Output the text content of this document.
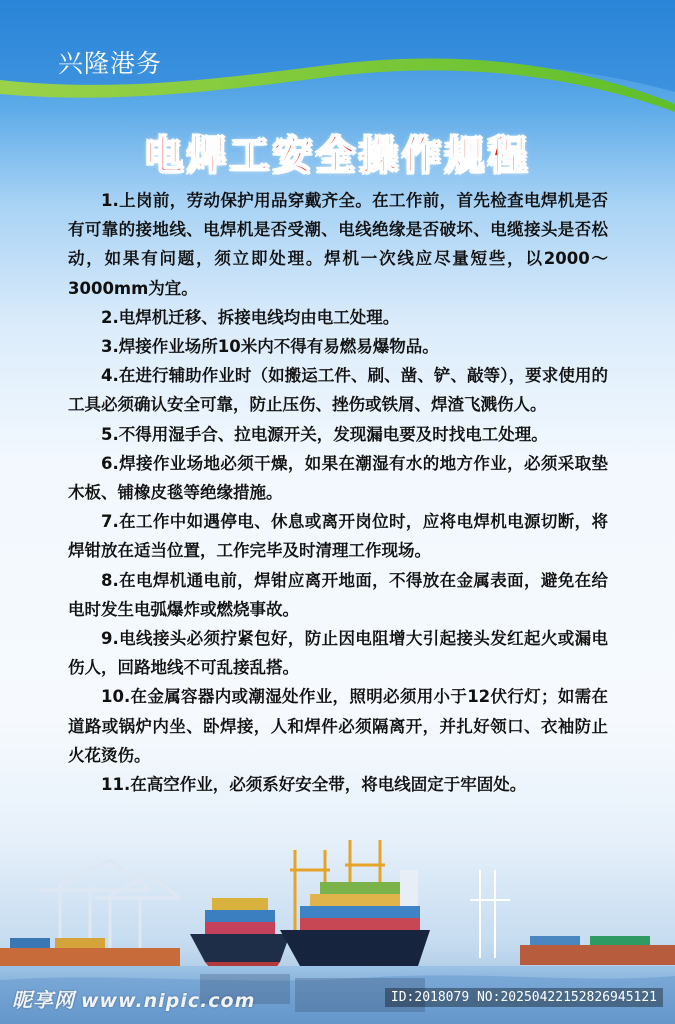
兴隆港务
电焊工安全操作规程

1.上岗前，劳动保护用品穿戴齐全。在工作前，首先检查电焊机是否有可靠的接地线、电焊机是否受潮、电线绝缘是否破坏、电缆接头是否松动，如果有问题，须立即处理。焊机一次线应尽量短些，以2000～3000mm为宜。

2.电焊机迁移、拆接电线均由电工处理。

3.焊接作业场所10米内不得有易燃易爆物品。

4.在进行辅助作业时（如搬运工件、刷、凿、铲、敲等），要求使用的工具必须确认安全可靠，防止压伤、挫伤或铁屑、焊渣飞溅伤人。

5.不得用湿手合、拉电源开关，发现漏电要及时找电工处理。

6.焊接作业场地必须干燥，如果在潮湿有水的地方作业，必须采取垫木板、铺橡皮毯等绝缘措施。

7.在工作中如遇停电、休息或离开岗位时，应将电焊机电源切断，将焊钳放在适当位置，工作完毕及时清理工作现场。

8.在电焊机通电前，焊钳应离开地面，不得放在金属表面，避免在给电时发生电弧爆炸或燃烧事故。

9.电线接头必须拧紧包好，防止因电阻增大引起接头发红起火或漏电伤人，回路地线不可乱接乱搭。

10.在金属容器内或潮湿处作业，照明必须用小于12伏行灯；如需在道路或锅炉内坐、卧焊接，人和焊件必须隔离开，并扎好领口、衣袖防止火花烫伤。

11.在高空作业，必须系好安全带，将电线固定于牢固处。

昵享网 www.nipic.com	ID:2018079 NO:20250422152826945121
